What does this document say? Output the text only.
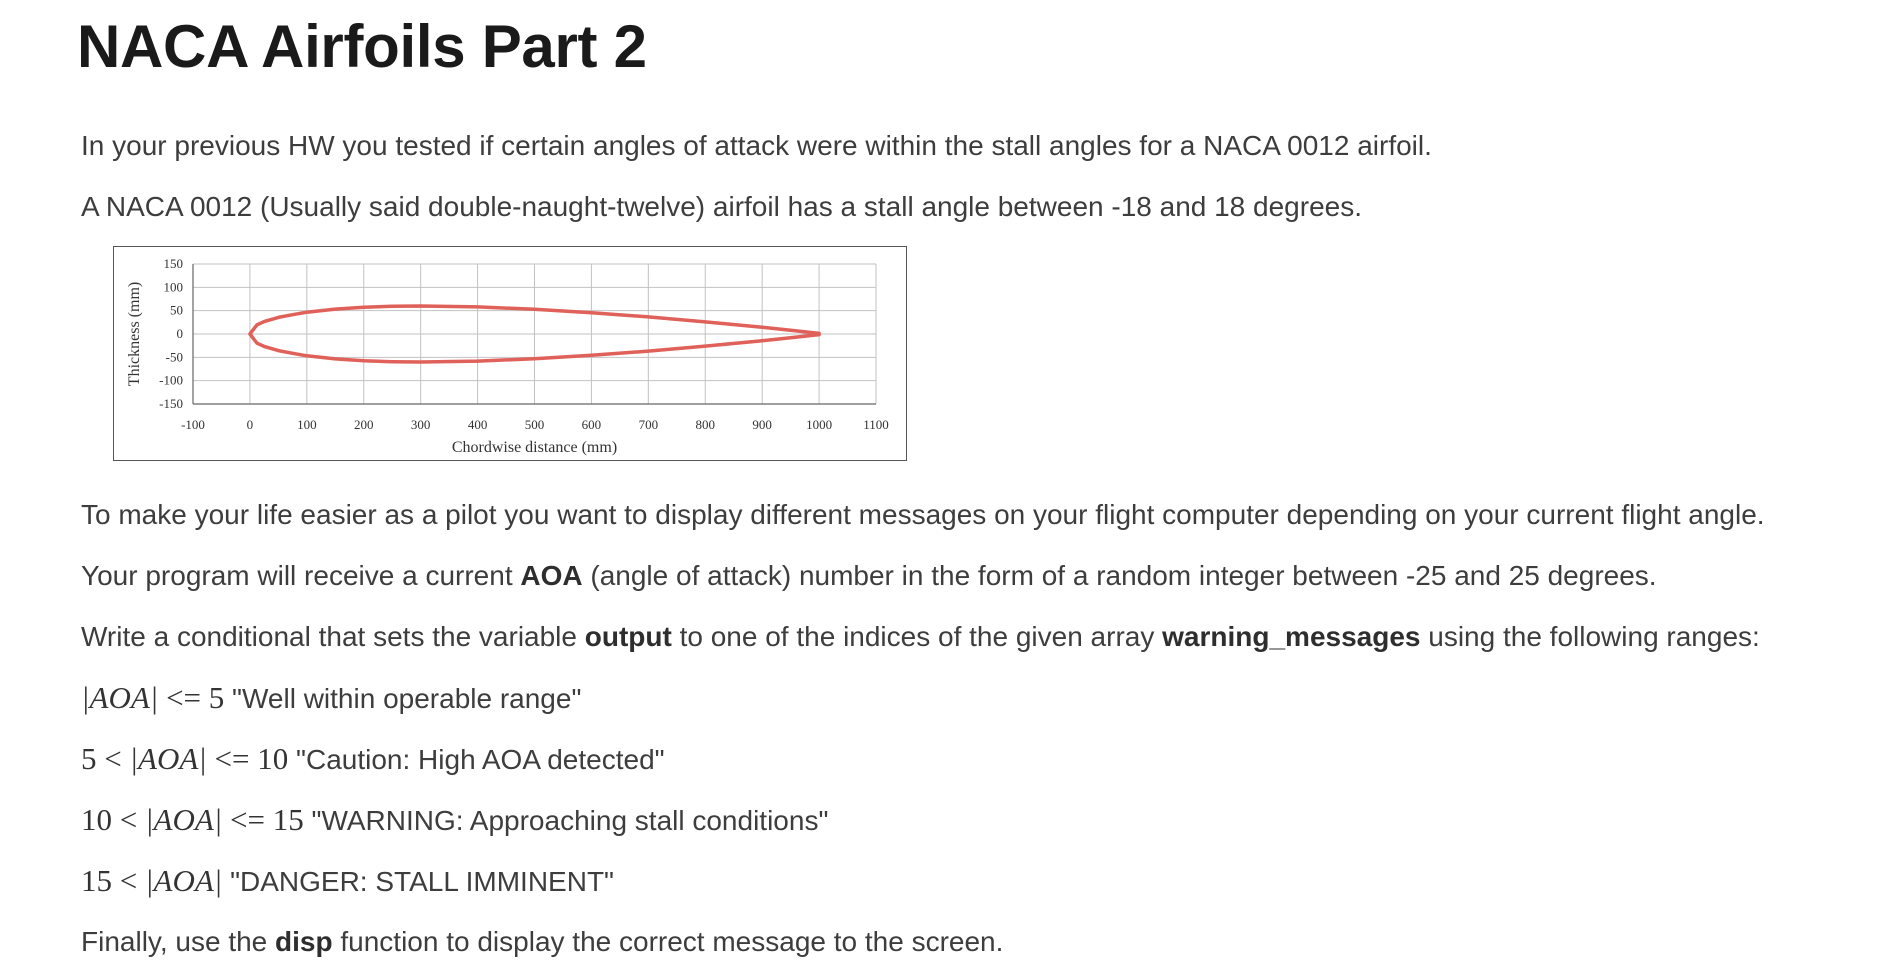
NACA Airfoils Part 2

In your previous HW you tested if certain angles of attack were within the stall angles for a NACA 0012 airfoil.

A NACA 0012 (Usually said double-naught-twelve) airfoil has a stall angle between -18 and 18 degrees.

150
100
50
0
-50
-100
-150
-100	0	100	200	300	400	500	600	700	800	900	1000 1100
Chordwise distance (mm)
Thickness (mm)

To make your life easier as a pilot you want to display different messages on your flight computer depending on your current flight angle.

Your program will receive a current AOA (angle of attack) number in the form of a random integer between -25 and 25 degrees.

Write a conditional that sets the variable output to one of the indices of the given array warning_messages using the following ranges:

|AOA| <= 5 "Well within operable range"

5 < |AOA| <= 10 "Caution: High AOA detected"

10 < |AOA| <= 15 "WARNING: Approaching stall conditions"

15 < |AOA| "DANGER: STALL IMMINENT"

Finally, use the disp function to display the correct message to the screen.
